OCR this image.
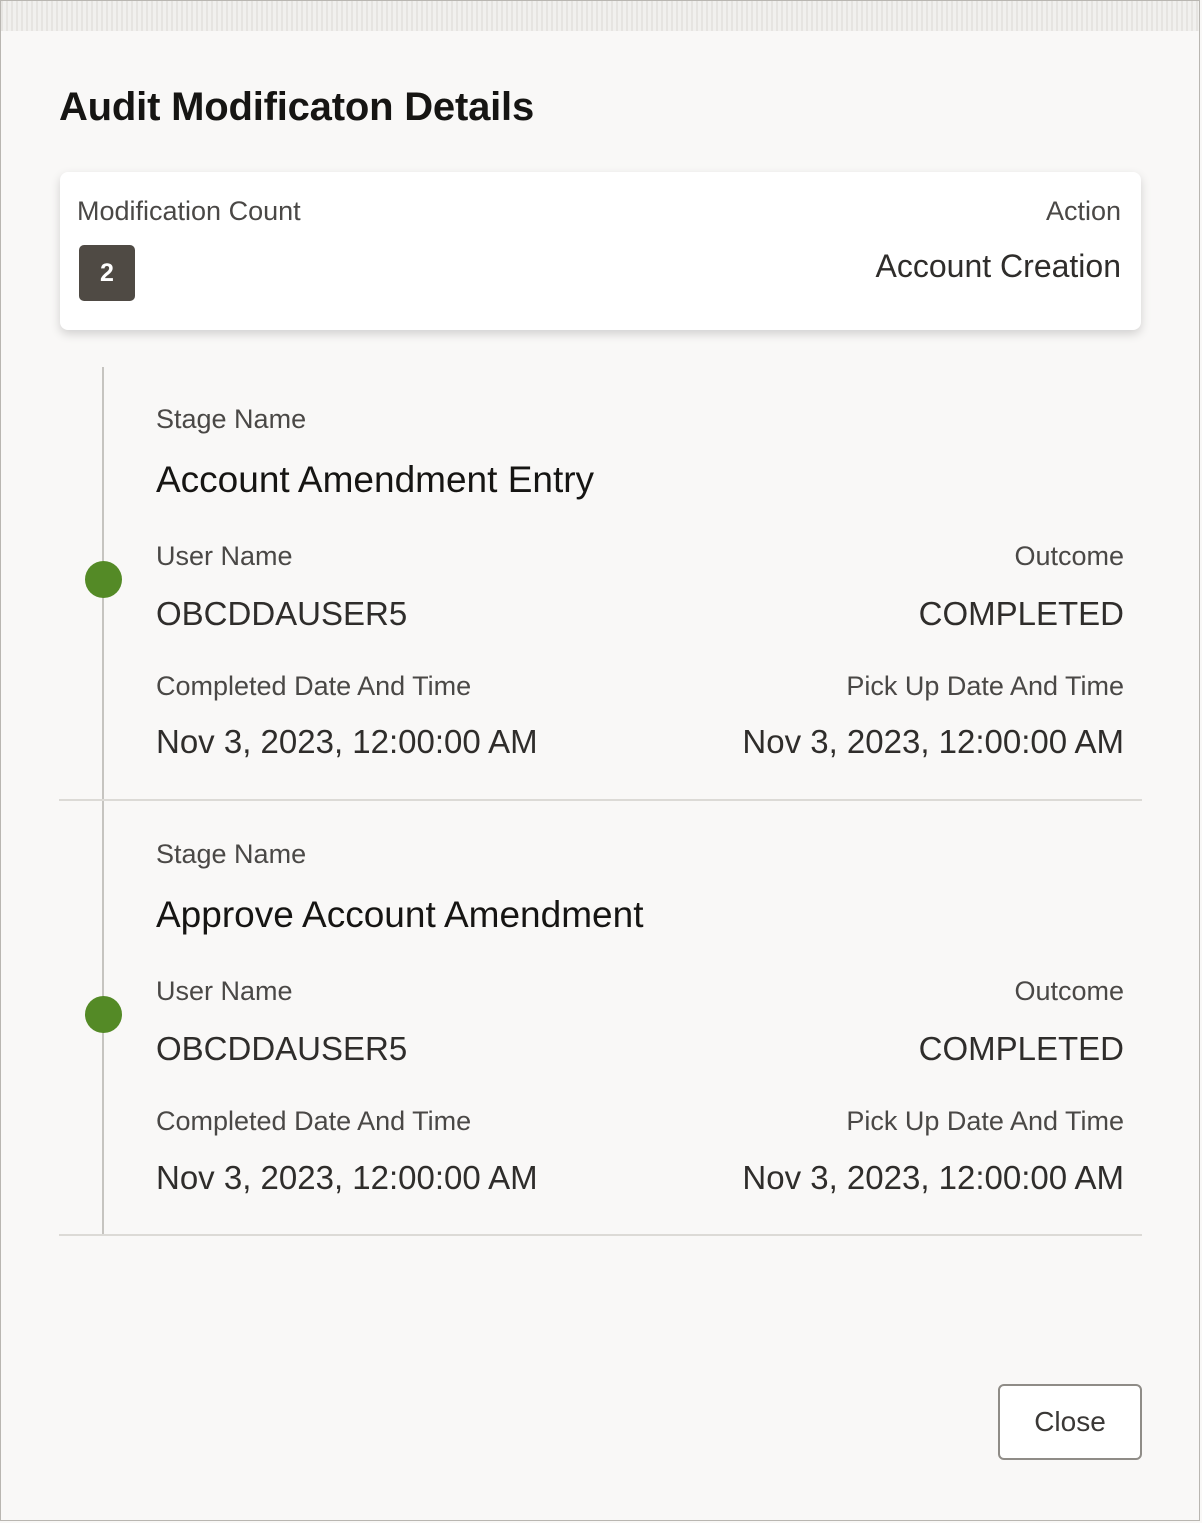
Audit Modificaton Details
Modification Count	Action
2	Account Creation
Stage Name
Account Amendment Entry
User Name	Outcome
OBCDDAUSER5	COMPLETED
Completed Date And Time	Pick Up Date And Time
Nov 3, 2023, 12:00:00 AM	Nov 3, 2023, 12:00:00 AM
Stage Name
Approve Account Amendment
User Name	Outcome
OBCDDAUSER5	COMPLETED
Completed Date And Time	Pick Up Date And Time
Nov 3, 2023, 12:00:00 AM	Nov 3, 2023, 12:00:00 AM
Close
